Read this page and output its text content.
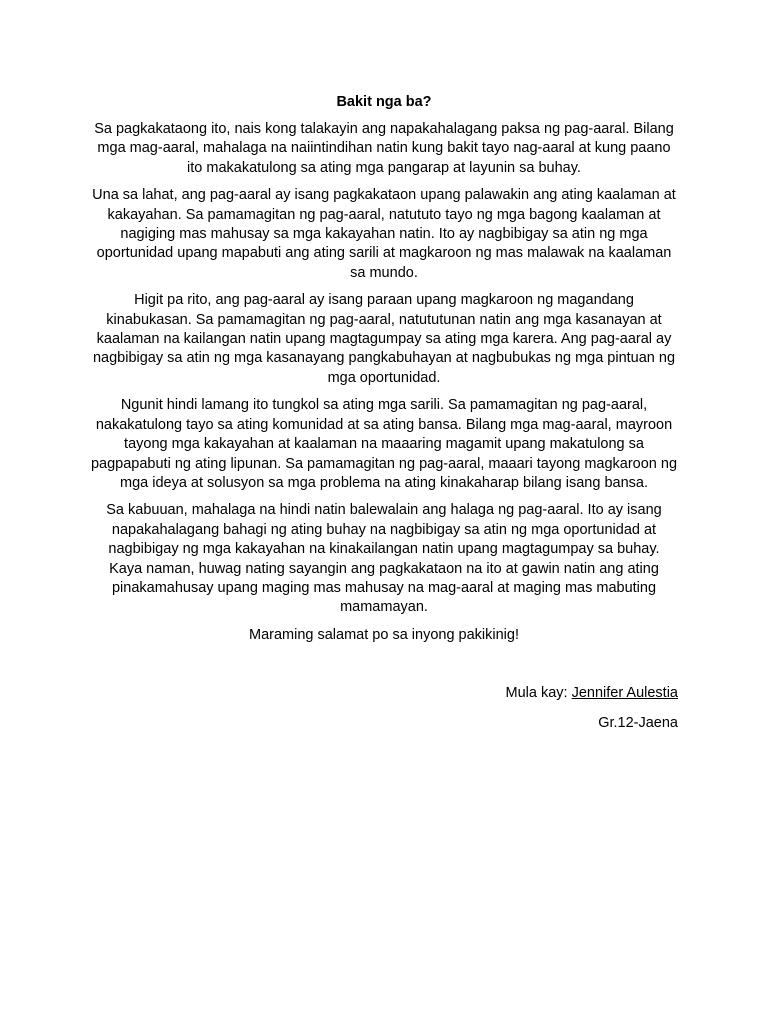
Bakit nga ba?

Sa pagkakataong ito, nais kong talakayin ang napakahalagang paksa ng pag-aaral. Bilang mga mag-aaral, mahalaga na naiintindihan natin kung bakit tayo nag-aaral at kung paano ito makakatulong sa ating mga pangarap at layunin sa buhay.

Una sa lahat, ang pag-aaral ay isang pagkakataon upang palawakin ang ating kaalaman at kakayahan. Sa pamamagitan ng pag-aaral, natututo tayo ng mga bagong kaalaman at nagiging mas mahusay sa mga kakayahan natin. Ito ay nagbibigay sa atin ng mga oportunidad upang mapabuti ang ating sarili at magkaroon ng mas malawak na kaalaman sa mundo.

Higit pa rito, ang pag-aaral ay isang paraan upang magkaroon ng magandang kinabukasan. Sa pamamagitan ng pag-aaral, natututunan natin ang mga kasanayan at kaalaman na kailangan natin upang magtagumpay sa ating mga karera. Ang pag-aaral ay nagbibigay sa atin ng mga kasanayang pangkabuhayan at nagbubukas ng mga pintuan ng mga oportunidad.

Ngunit hindi lamang ito tungkol sa ating mga sarili. Sa pamamagitan ng pag-aaral, nakakatulong tayo sa ating komunidad at sa ating bansa. Bilang mga mag-aaral, mayroon tayong mga kakayahan at kaalaman na maaaring magamit upang makatulong sa pagpapabuti ng ating lipunan. Sa pamamagitan ng pag-aaral, maaari tayong magkaroon ng mga ideya at solusyon sa mga problema na ating kinakaharap bilang isang bansa.

Sa kabuuan, mahalaga na hindi natin balewalain ang halaga ng pag-aaral. Ito ay isang napakahalagang bahagi ng ating buhay na nagbibigay sa atin ng mga oportunidad at nagbibigay ng mga kakayahan na kinakailangan natin upang magtagumpay sa buhay. Kaya naman, huwag nating sayangin ang pagkakataon na ito at gawin natin ang ating pinakamahusay upang maging mas mahusay na mag-aaral at maging mas mabuting mamamayan.

Maraming salamat po sa inyong pakikinig!

Mula kay: Jennifer Aulestia
Gr.12-Jaena
